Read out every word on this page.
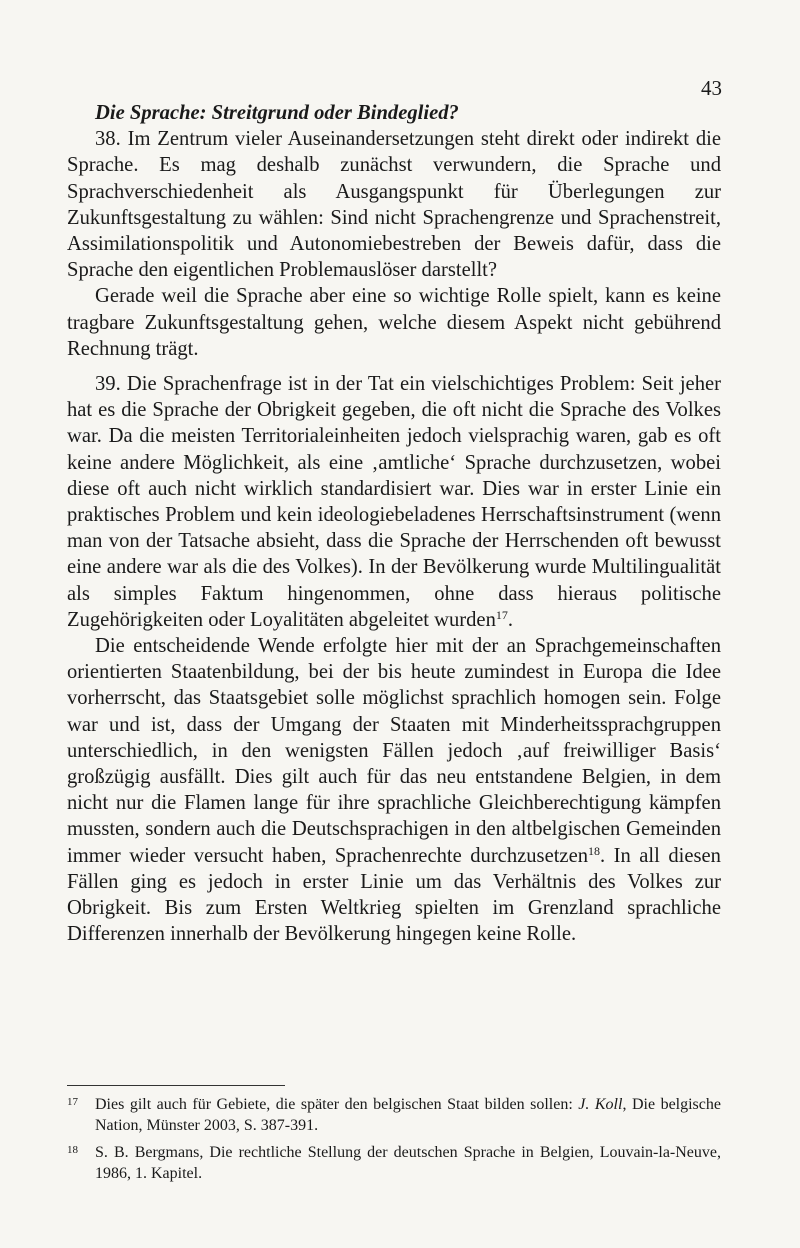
43

Die Sprache: Streitgrund oder Bindeglied?

38. Im Zentrum vieler Auseinandersetzungen steht direkt oder indirekt die Sprache. Es mag deshalb zunächst verwundern, die Sprache und Sprachverschiedenheit als Ausgangspunkt für Überlegungen zur Zukunftsgestaltung zu wählen: Sind nicht Sprachengrenze und Sprachenstreit, Assimilationspolitik und Autonomiebestreben der Beweis dafür, dass die Sprache den eigentlichen Problemauslöser darstellt?

Gerade weil die Sprache aber eine so wichtige Rolle spielt, kann es keine tragbare Zukunftsgestaltung gehen, welche diesem Aspekt nicht gebührend Rechnung trägt.

39. Die Sprachenfrage ist in der Tat ein vielschichtiges Problem: Seit jeher hat es die Sprache der Obrigkeit gegeben, die oft nicht die Sprache des Volkes war. Da die meisten Territorialeinheiten jedoch vielsprachig waren, gab es oft keine andere Möglichkeit, als eine ‚amtliche‘ Sprache durchzusetzen, wobei diese oft auch nicht wirklich standardisiert war. Dies war in erster Linie ein praktisches Problem und kein ideologiebeladenes Herrschaftsinstrument (wenn man von der Tatsache absieht, dass die Sprache der Herrschenden oft bewusst eine andere war als die des Volkes). In der Bevölkerung wurde Multilingualität als simples Faktum hingenommen, ohne dass hieraus politische Zugehörigkeiten oder Loyalitäten abgeleitet wurden$^{17}$.

Die entscheidende Wende erfolgte hier mit der an Sprachgemeinschaften orientierten Staatenbildung, bei der bis heute zumindest in Europa die Idee vorherrscht, das Staatsgebiet solle möglichst sprachlich homogen sein. Folge war und ist, dass der Umgang der Staaten mit Minderheitssprachgruppen unterschiedlich, in den wenigsten Fällen jedoch ‚auf freiwilliger Basis‘ großzügig ausfällt. Dies gilt auch für das neu entstandene Belgien, in dem nicht nur die Flamen lange für ihre sprachliche Gleichberechtigung kämpfen mussten, sondern auch die Deutschsprachigen in den altbelgischen Gemeinden immer wieder versucht haben, Sprachenrechte durchzusetzen$^{18}$. In all diesen Fällen ging es jedoch in erster Linie um das Verhältnis des Volkes zur Obrigkeit. Bis zum Ersten Weltkrieg spielten im Grenzland sprachliche Differenzen innerhalb der Bevölkerung hingegen keine Rolle.

17	Dies gilt auch für Gebiete, die später den belgischen Staat bilden sollen: J. Koll, Die belgische Nation, Münster 2003, S. 387-391.
18	S. B. Bergmans, Die rechtliche Stellung der deutschen Sprache in Belgien, Louvain-la-Neuve, 1986, 1. Kapitel.
